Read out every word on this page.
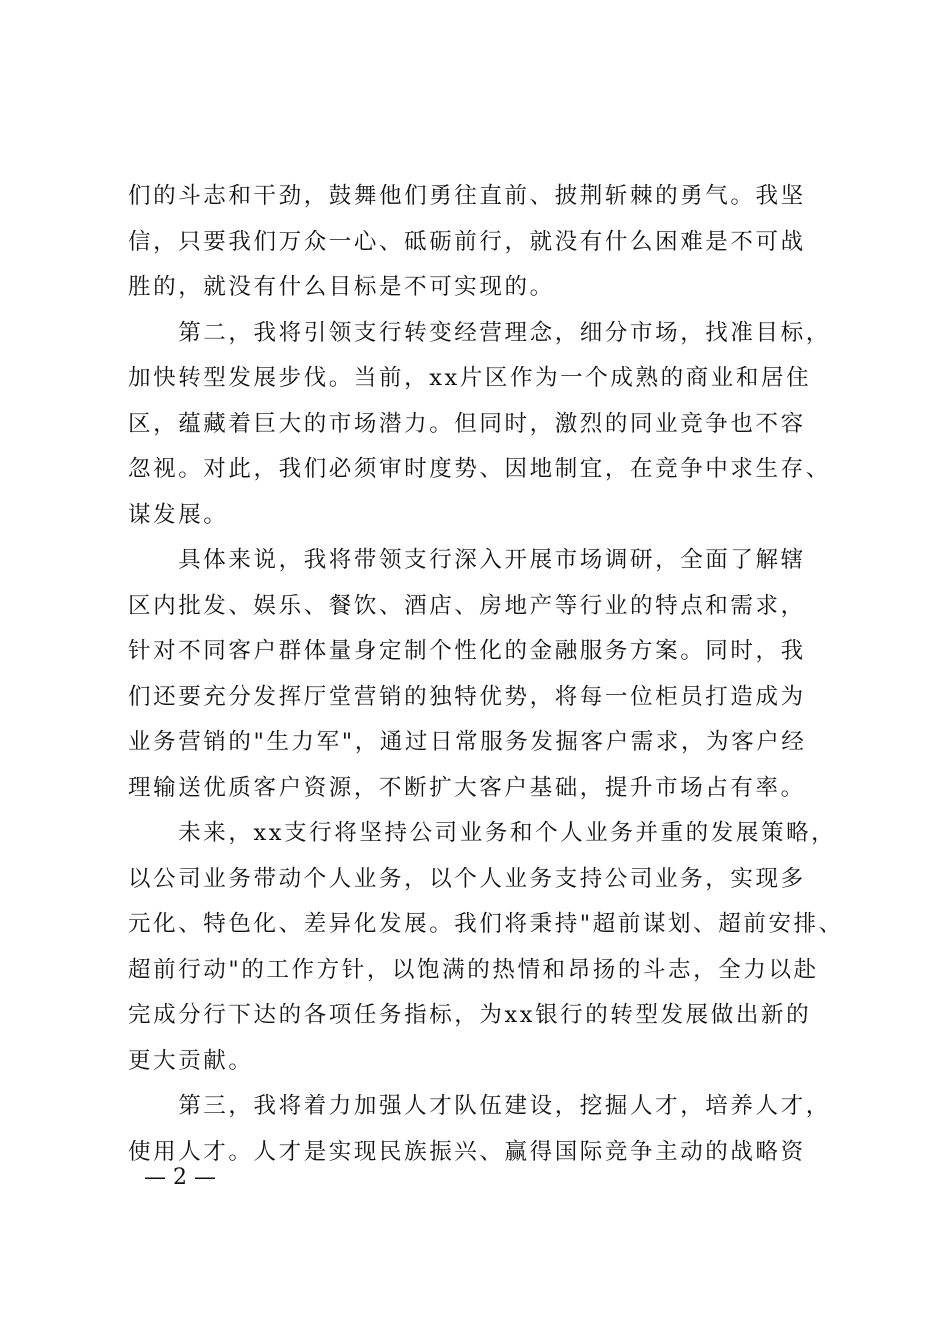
们的斗志和干劲，鼓舞他们勇往直前、披荆斩棘的勇气。我坚
信，只要我们万众一心、砥砺前行，就没有什么困难是不可战
胜的，就没有什么目标是不可实现的。
　　第二，我将引领支行转变经营理念，细分市场，找准目标，
加快转型发展步伐。当前，xx片区作为一个成熟的商业和居住
区，蕴藏着巨大的市场潜力。但同时，激烈的同业竞争也不容
忽视。对此，我们必须审时度势、因地制宜，在竞争中求生存、
谋发展。
　　具体来说，我将带领支行深入开展市场调研，全面了解辖
区内批发、娱乐、餐饮、酒店、房地产等行业的特点和需求，
针对不同客户群体量身定制个性化的金融服务方案。同时，我
们还要充分发挥厅堂营销的独特优势，将每一位柜员打造成为
业务营销的"生力军"，通过日常服务发掘客户需求，为客户经
理输送优质客户资源，不断扩大客户基础，提升市场占有率。
　　未来，xx支行将坚持公司业务和个人业务并重的发展策略，
以公司业务带动个人业务，以个人业务支持公司业务，实现多
元化、特色化、差异化发展。我们将秉持"超前谋划、超前安排、
超前行动"的工作方针，以饱满的热情和昂扬的斗志，全力以赴
完成分行下达的各项任务指标，为xx银行的转型发展做出新的
更大贡献。
　　第三，我将着力加强人才队伍建设，挖掘人才，培养人才，
使用人才。人才是实现民族振兴、赢得国际竞争主动的战略资
— 2 —
